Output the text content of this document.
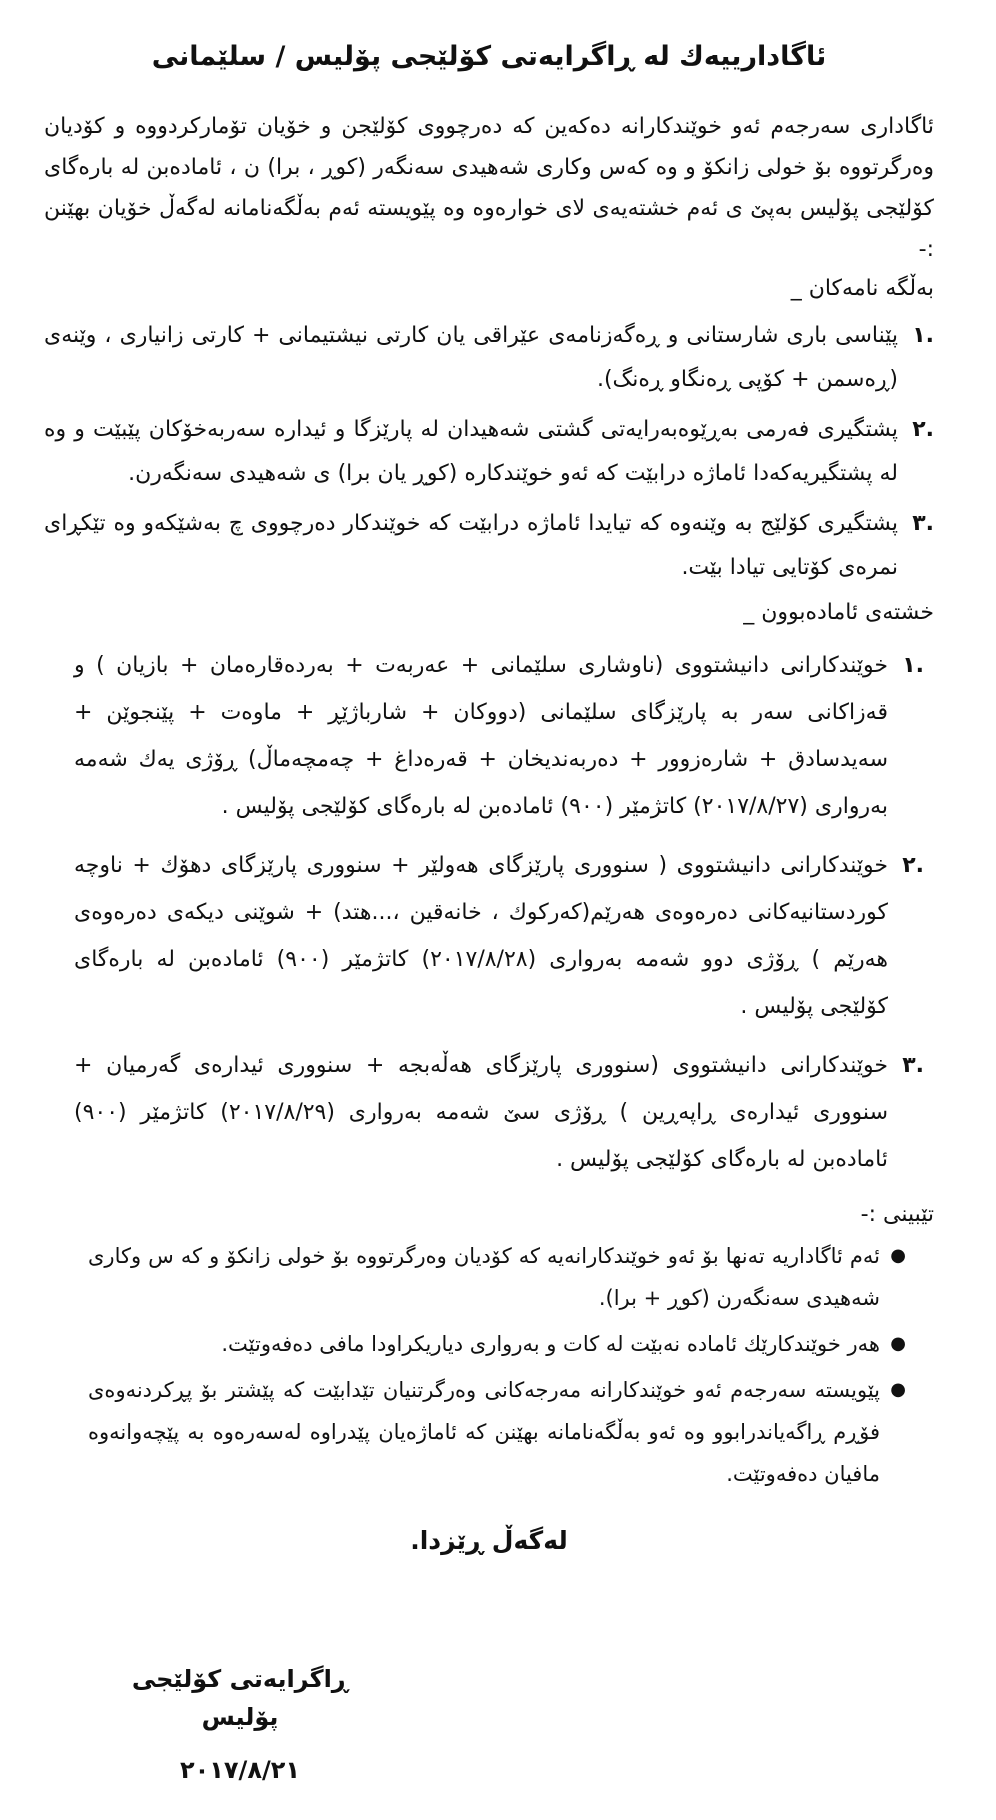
ئاگادارییەك لە ڕاگرایەتی کۆلێجی پۆلیس / سلێمانی

ئاگاداری سەرجەم ئەو خوێندکارانە دەکەین کە دەرچووی کۆلێجن و خۆیان تۆمارکردووە و کۆدیان وەرگرتووە بۆ خولی زانکۆ و وە کەس وکاری شەهیدی سەنگەر (کوڕ ، برا) ن ، ئامادەبن لە بارەگای کۆلێجی پۆلیس بەپێ ی ئەم خشتەیەی لای خوارەوە وە پێویستە ئەم بەڵگەنامانە لەگەڵ خۆیان بهێنن :-

بەڵگە نامەکان _

.١
پێناسی باری شارستانی و ڕەگەزنامەی عێراقی یان کارتی نیشتیمانی + کارتی زانیاری ، وێنەی (ڕەسمن + کۆپی ڕەنگاو ڕەنگ).
.٢
پشتگیری فەرمی بەڕێوەبەرایەتی گشتی شەهیدان لە پارێزگا و ئیدارە سەربەخۆکان پێبێت و وە لە پشتگیریەکەدا ئاماژە درابێت کە ئەو خوێندکارە (کوڕ یان برا) ی شەهیدی سەنگەرن.
.٣
پشتگیری کۆلێج بە وێنەوە کە تیایدا ئاماژە درابێت کە خوێندکار دەرچووی چ بەشێکەو وە تێکڕای نمرەی کۆتایی تیادا بێت.

خشتەی ئامادەبوون _

.١
خوێندکارانی دانیشتووی (ناوشاری سلێمانی + عەربەت + بەردەقارەمان + بازیان ) و قەزاکانی سەر بە پارێزگای سلێمانی (دووکان + شارباژێڕ + ماوەت + پێنجوێن + سەیدسادق + شارەزوور + دەربەندیخان + قەرەداغ + چەمچەماڵ) ڕۆژی یەك شەمە بەرواری (٢٠١٧/٨/٢٧) کاتژمێر (٩٠٠) ئامادەبن لە بارەگای کۆلێجی پۆلیس .
.٢
خوێندکارانی دانیشتووی ( سنووری پارێزگای هەولێر + سنووری پارێزگای دهۆك + ناوچە کوردستانیەکانی دەرەوەی هەرێم(کەرکوك ، خانەقین ،...هتد) + شوێنی دیکەی دەرەوەی هەرێم ) ڕۆژی دوو شەمە بەرواری (٢٠١٧/٨/٢٨) کاتژمێر (٩٠٠) ئامادەبن لە بارەگای کۆلێجی پۆلیس .
.٣
خوێندکارانی دانیشتووی (سنووری پارێزگای هەڵەبجە + سنووری ئیدارەی گەرمیان + سنووری ئیدارەی ڕاپەڕین ) ڕۆژی سێ شەمە بەرواری (٢٠١٧/٨/٢٩) کاتژمێر (٩٠٠) ئامادەبن لە بارەگای کۆلێجی پۆلیس .

تێبینی :-

●
ئەم ئاگاداریە تەنها بۆ ئەو خوێندکارانەیە کە کۆدیان وەرگرتووە بۆ خولی زانکۆ و کە س وکاری شەهیدی سەنگەرن (کوڕ + برا).
●
هەر خوێندکارێك ئامادە نەبێت لە کات و بەرواری دیاریکراودا مافی دەفەوتێت.
●
پێویستە سەرجەم ئەو خوێندکارانە مەرجەکانی وەرگرتنیان تێدابێت کە پێشتر بۆ پڕکردنەوەی فۆڕم ڕاگەیاندرابوو وە ئەو بەڵگەنامانە بهێنن کە ئاماژەیان پێدراوە لەسەرەوە بە پێچەوانەوە مافیان دەفەوتێت.

لەگەڵ ڕێزدا.

ڕاگرایەتی کۆلێجی پۆلیس
٢٠١٧/٨/٢١
